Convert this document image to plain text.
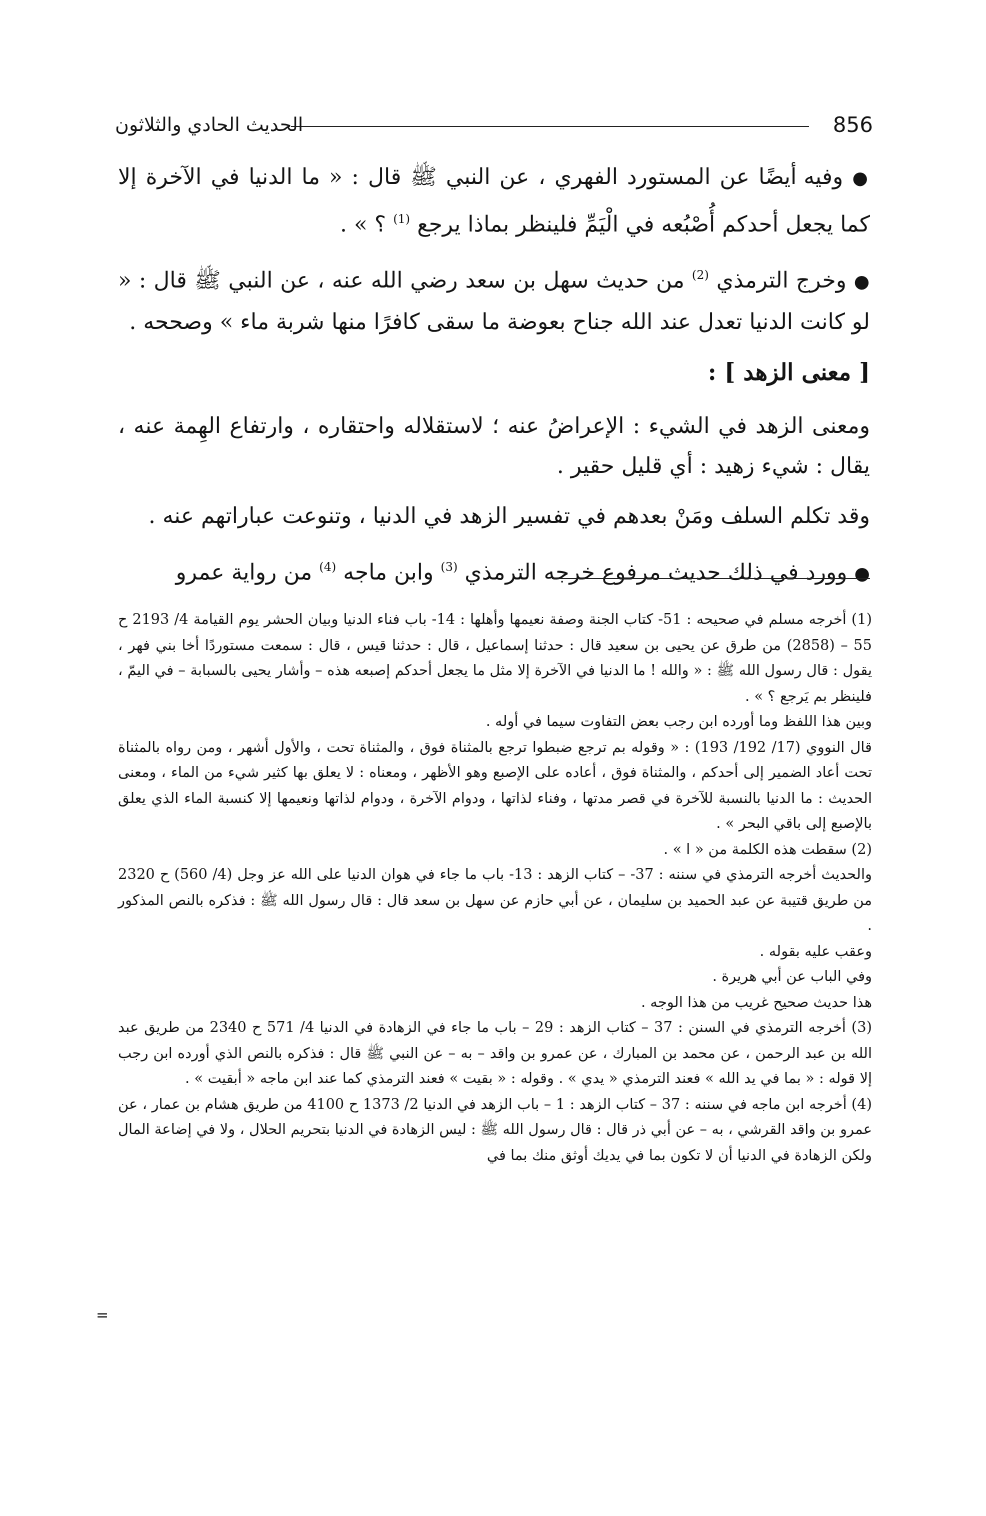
856
الحديث الحادي والثلاثون

● وفيه أيضًا عن المستورد الفهري ، عن النبي ﷺ قال : « ما الدنيا في الآخرة إلا كما يجعل أحدكم أُصْبُعه في الْيَمِّ فلينظر بماذا يرجع $^{(1)}$ ؟ » .

● وخرج الترمذي $^{(2)}$ من حديث سهل بن سعد رضي الله عنه ، عن النبي ﷺ قال : « لو كانت الدنيا تعدل عند الله جناح بعوضة ما سقى كافرًا منها شربة ماء » وصححه .

[ معنى الزهد ] :

ومعنى الزهد في الشيء : الإعراضُ عنه ؛ لاستقلاله واحتقاره ، وارتفاع الهِمة عنه ، يقال : شيء زهيد : أي قليل حقير .

وقد تكلم السلف ومَنْ بعدهم في تفسير الزهد في الدنيا ، وتنوعت عباراتهم عنه .

● وورد في ذلك حديث مرفوع خرجه الترمذي $^{(3)}$ وابن ماجه $^{(4)}$ من رواية عمرو

(1) أخرجه مسلم في صحيحه : 51- كتاب الجنة وصفة نعيمها وأهلها : 14- باب فناء الدنيا وبيان الحشر يوم القيامة 4/ 2193 ح 55 – (2858) من طرق عن يحيى بن سعيد قال : حدثنا إسماعيل ، قال : حدثنا قيس ، قال : سمعت مستوردًا أخا بني فهر ، يقول : قال رسول الله ﷺ : « والله ! ما الدنيا في الآخرة إلا مثل ما يجعل أحدكم إصبعه هذه – وأشار يحيى بالسبابة – في اليمّ ، فلينظر بم يَرجع ؟ » .

وبين هذا اللفظ وما أورده ابن رجب بعض التفاوت سيما في أوله .

قال النووي (17/ 192/ 193) : « وقوله بم ترجع ضبطوا ترجع بالمثناة فوق ، والمثناة تحت ، والأول أشهر ، ومن رواه بالمثناة تحت أعاد الضمير إلى أحدكم ، والمثناة فوق ، أعاده على الإصبع وهو الأظهر ، ومعناه : لا يعلق بها كثير شيء من الماء ، ومعنى الحديث : ما الدنيا بالنسبة للآخرة في قصر مدتها ، وفناء لذاتها ، ودوام الآخرة ، ودوام لذاتها ونعيمها إلا كنسبة الماء الذي يعلق بالإصبع إلى باقي البحر » .

(2) سقطت هذه الكلمة من « ا » .

والحديث أخرجه الترمذي في سننه : 37- – كتاب الزهد : 13- باب ما جاء في هوان الدنيا على الله عز وجل (4/ 560) ح 2320 من طريق قتيبة عن عبد الحميد بن سليمان ، عن أبي حازم عن سهل بن سعد قال : قال رسول الله ﷺ : فذكره بالنص المذكور .

وعقب عليه بقوله .

وفي الباب عن أبي هريرة .

هذا حديث صحيح غريب من هذا الوجه .

(3) أخرجه الترمذي في السنن : 37 – كتاب الزهد : 29 – باب ما جاء في الزهادة في الدنيا 4/ 571 ح 2340 من طريق عبد الله بن عبد الرحمن ، عن محمد بن المبارك ، عن عمرو بن واقد – به – عن النبي ﷺ قال : فذكره بالنص الذي أورده ابن رجب إلا قوله : « بما في يد الله » فعند الترمذي « يدي » . وقوله : « بقيت » فعند الترمذي كما عند ابن ماجه « أبقيت » .

(4) أخرجه ابن ماجه في سننه : 37 – كتاب الزهد : 1 – باب الزهد في الدنيا 2/ 1373 ح 4100 من طريق هشام بن عمار ، عن عمرو بن واقد القرشي ، به – عن أبي ذر قال : قال رسول الله ﷺ : ليس الزهادة في الدنيا بتحريم الحلال ، ولا في إضاعة المال ولكن الزهادة في الدنيا أن لا تكون بما في يديك أوثق منك بما في

=
